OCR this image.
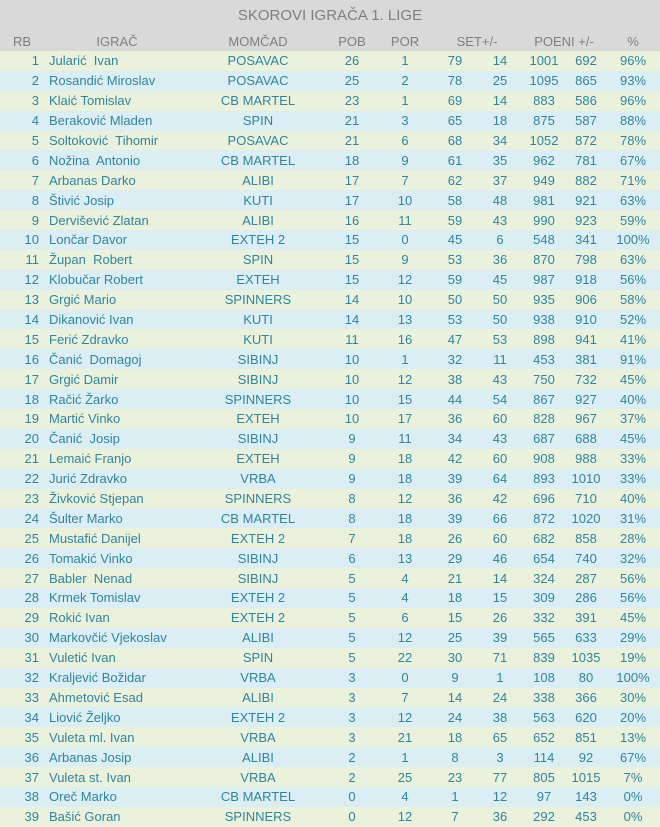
SKOROVI IGRAČA 1. LIGE
RB	IGRAČ	MOMČAD	POB	POR	SET+/-	POENI +/-	%
1 Jularić  Ivan	POSAVAC	26	1	79	14	1001	692	96%
2 Rosandić Miroslav	POSAVAC	25	2	78	25	1095	865	93%
3 Klaić Tomislav	CB MARTEL	23	1	69	14	883	586	96%
4 Beraković Mladen	SPIN	21	3	65	18	875	587	88%
5 Soltoković  Tihomir	POSAVAC	21	6	68	34	1052	872	78%
6 Nožina  Antonio	CB MARTEL	18	9	61	35	962	781	67%
7 Arbanas Darko	ALIBI	17	7	62	37	949	882	71%
8 Štivić Josip	KUTI	17	10	58	48	981	921	63%
9 Dervišević Zlatan	ALIBI	16	11	59	43	990	923	59%
10 Lončar Davor	EXTEH 2	15	0	45	6	548	341	100%
11 Župan  Robert	SPIN	15	9	53	36	870	798	63%
12 Klobučar Robert	EXTEH	15	12	59	45	987	918	56%
13 Grgić Mario	SPINNERS	14	10	50	50	935	906	58%
14 Dikanović Ivan	KUTI	14	13	53	50	938	910	52%
15 Ferić Zdravko	KUTI	11	16	47	53	898	941	41%
16 Čanić  Domagoj	SIBINJ	10	1	32	11	453	381	91%
17 Grgić Damir	SIBINJ	10	12	38	43	750	732	45%
18 Račić Žarko	SPINNERS	10	15	44	54	867	927	40%
19 Martić Vinko	EXTEH	10	17	36	60	828	967	37%
20 Čanić  Josip	SIBINJ	9	11	34	43	687	688	45%
21 Lemaić Franjo	EXTEH	9	18	42	60	908	988	33%
22 Jurić Zdravko	VRBA	9	18	39	64	893	1010	33%
23 Živković Stjepan	SPINNERS	8	12	36	42	696	710	40%
24 Šulter Marko	CB MARTEL	8	18	39	66	872	1020	31%
25 Mustafić Danijel	EXTEH 2	7	18	26	60	682	858	28%
26 Tomakić Vinko	SIBINJ	6	13	29	46	654	740	32%
27 Babler  Nenad	SIBINJ	5	4	21	14	324	287	56%
28 Krmek Tomislav	EXTEH 2	5	4	18	15	309	286	56%
29 Rokić Ivan	EXTEH 2	5	6	15	26	332	391	45%
30 Markovčić Vjekoslav	ALIBI	5	12	25	39	565	633	29%
31 Vuletić Ivan	SPIN	5	22	30	71	839	1035	19%
32 Kraljević Božidar	VRBA	3	0	9	1	108	80	100%
33 Ahmetović Esad	ALIBI	3	7	14	24	338	366	30%
34 Liović Željko	EXTEH 2	3	12	24	38	563	620	20%
35 Vuleta ml. Ivan	VRBA	3	21	18	65	652	851	13%
36 Arbanas Josip	ALIBI	2	1	8	3	114	92	67%
37 Vuleta st. Ivan	VRBA	2	25	23	77	805	1015	7%
38 Oreč Marko	CB MARTEL	0	4	1	12	97	143	0%
39 Bašić Goran	SPINNERS	0	12	7	36	292	453	0%
